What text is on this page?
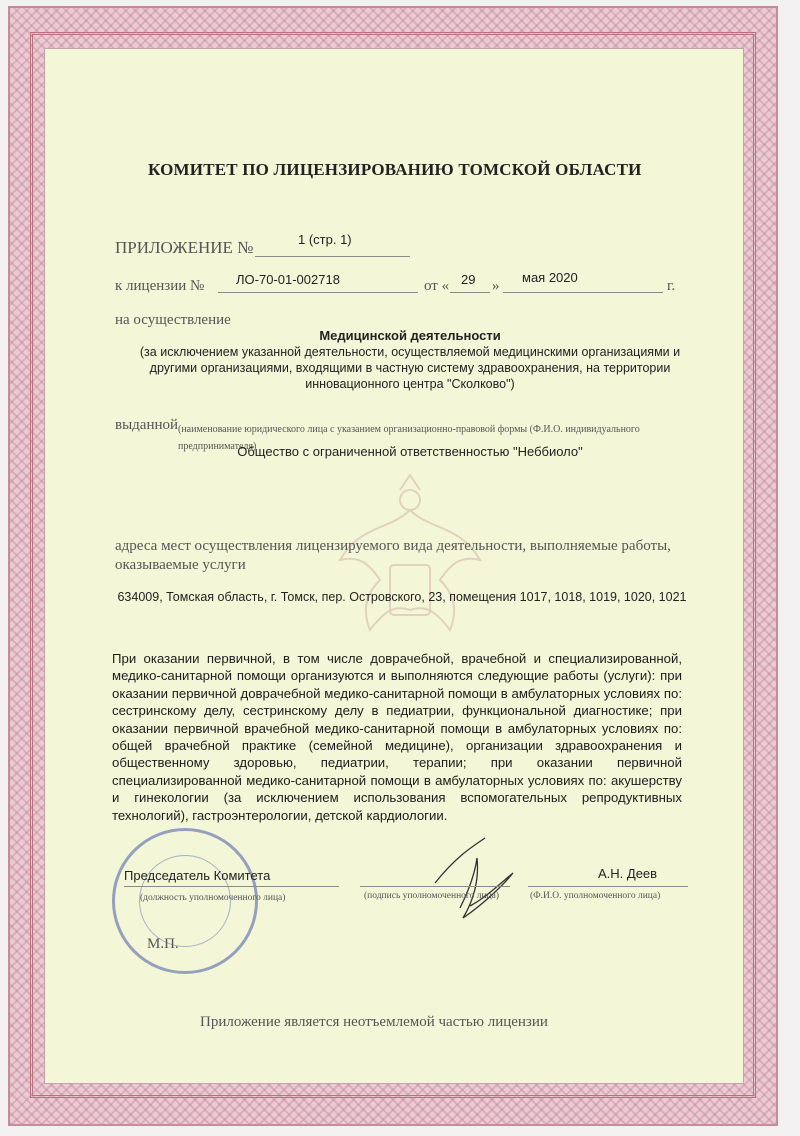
КОМИТЕТ ПО ЛИЦЕНЗИРОВАНИЮ ТОМСКОЙ ОБЛАСТИ
ПРИЛОЖЕНИЕ №	1 (стр. 1)
к лицензии № ЛО-70-01-002718	от « 29 »
мая 2020
г.
на осуществление
Медицинской деятельности
(за исключением указанной деятельности, осуществляемой медицинскими организациями и другими организациями, входящими в частную систему здравоохранения, на территории инновационного центра "Сколково")
выданной (наименование юридического лица с указанием организационно-правовой формы (Ф.И.О. индивидуального предпринимателя)
Общество с ограниченной ответственностью "Неббиоло"
адреса мест осуществления лицензируемого вида деятельности, выполняемые работы, оказываемые услуги
634009, Томская область, г. Томск, пер. Островского, 23, помещения 1017, 1018, 1019, 1020, 1021
При оказании первичной, в том числе доврачебной, врачебной и специализированной, медико-санитарной помощи организуются и выполняются следующие работы (услуги): при оказании первичной доврачебной медико-санитарной помощи в амбулаторных условиях по: сестринскому делу, сестринскому делу в педиатрии, функциональной диагностике; при оказании первичной врачебной медико-санитарной помощи в амбулаторных условиях по: общей врачебной практике (семейной медицине), организации здравоохранения и общественному здоровью, педиатрии, терапии; при оказании первичной специализированной медико-санитарной помощи в амбулаторных условиях по: акушерству и гинекологии (за исключением использования вспомогательных репродуктивных технологий), гастроэнтерологии, детской кардиологии.
Председатель Комитета
(должность уполномоченного лица)	(подпись уполномоченного лица)
А.Н. Деев
(Ф.И.О. уполномоченного лица)
М.П.
Приложение является неотъемлемой частью лицензии
